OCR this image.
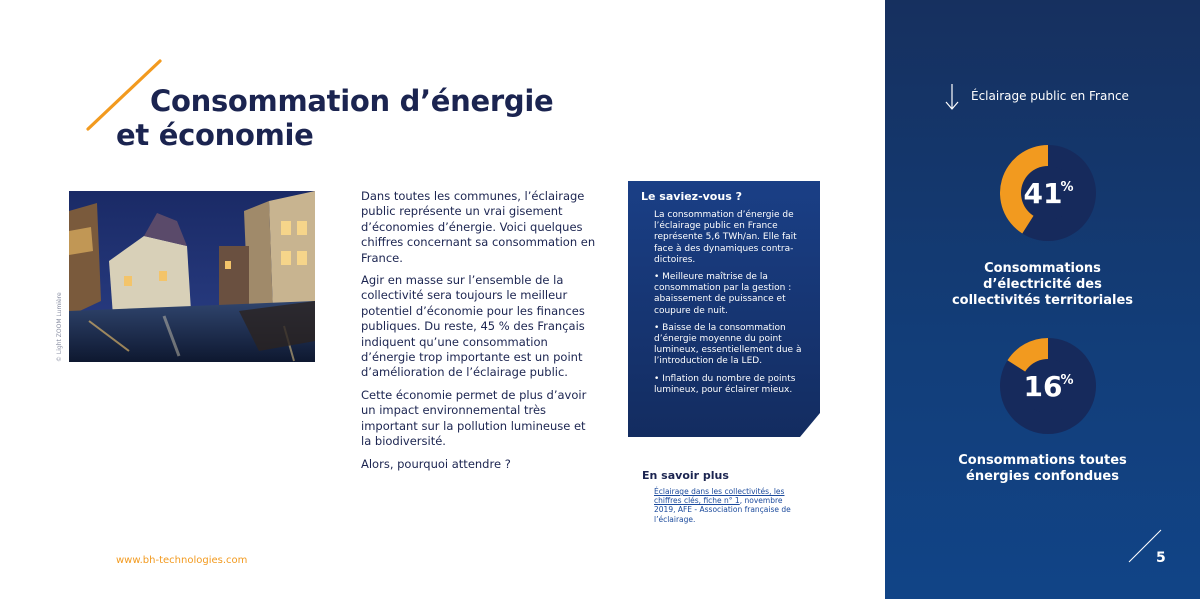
Consommation d’énergie
et économie
© Light ZOOM Lumière

Dans toutes les communes, l’éclairage public représente un vrai gisement d’économies d’énergie. Voici quelques chiffres concernant sa consommation en France.

Agir en masse sur l’ensemble de la collectivité sera toujours le meilleur potentiel d’économie pour les finances publiques. Du reste, 45 % des Français indiquent qu’une consommation d’énergie trop importante est un point d’amélioration de l’éclairage public.

Cette économie permet de plus d’avoir un impact environnemental très important sur la pollution lumineuse et la biodiversité.

Alors, pourquoi attendre ?

Le saviez-vous ?

La consommation d’énergie de l’éclairage public en France représente 5,6 TWh/an. Elle fait face à des dynamiques contra-dictoires.

• Meilleure maîtrise de la consommation par la gestion : abaissement de puissance et coupure de nuit.

• Baisse de la consommation d’énergie moyenne du point lumineux, essentiellement due à l’introduction de la LED.

• Inflation du nombre de points lumineux, pour éclairer mieux.

En savoir plus
Éclairage dans les collectivités, les chiffres clés, fiche n° 1, novembre 2019, AFE - Association française de l’éclairage.
www.bh-technologies.com
Éclairage public en France
41
%
Consommations
d’électricité des
collectivités territoriales
16
%
Consommations toutes
énergies confondues
5
